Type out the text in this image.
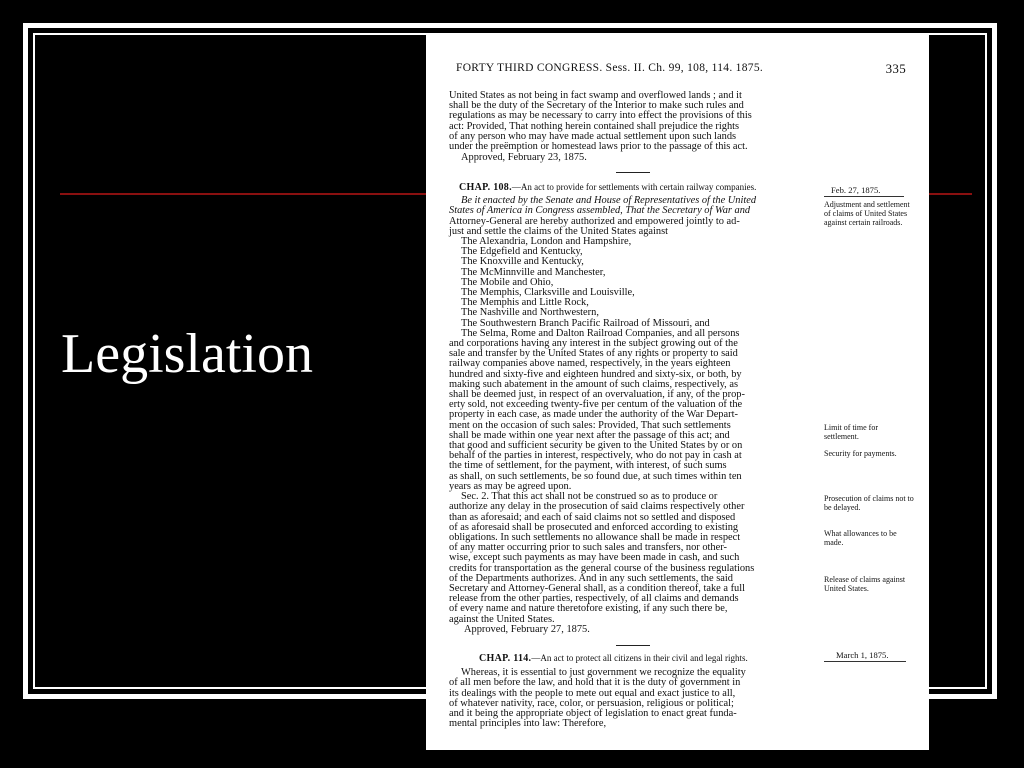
Legislation
FORTY THIRD CONGRESS. Sess. II. Ch. 99, 108, 114. 1875.	335
United States as not being in fact swamp and overflowed lands ; and it
shall be the duty of the Secretary of the Interior to make such rules and
regulations as may be necessary to carry into effect the provisions of this
act: Provided, That nothing herein contained shall prejudice the rights
of any person who may have made actual settlement upon such lands
under the preëmption or homestead laws prior to the passage of this act.
Approved, February 23, 1875.
CHAP. 108.—An act to provide for settlements with certain railway companies.
Be it enacted by the Senate and House of Representatives of the United
States of America in Congress assembled, That the Secretary of War and
Attorney-General are hereby authorized and empowered jointly to ad-
just and settle the claims of the United States against
The Alexandria, London and Hampshire,
The Edgefield and Kentucky,
The Knoxville and Kentucky,
The McMinnville and Manchester,
The Mobile and Ohio,
The Memphis, Clarksville and Louisville,
The Memphis and Little Rock,
The Nashville and Northwestern,
The Southwestern Branch Pacific Railroad of Missouri, and
The Selma, Rome and Dalton Railroad Companies, and all persons
and corporations having any interest in the subject growing out of the
sale and transfer by the United States of any rights or property to said
railway companies above named, respectively, in the years eighteen
hundred and sixty-five and eighteen hundred and sixty-six, or both, by
making such abatement in the amount of such claims, respectively, as
shall be deemed just, in respect of an overvaluation, if any, of the prop-
erty sold, not exceeding twenty-five per centum of the valuation of the
property in each case, as made under the authority of the War Depart-
ment on the occasion of such sales: Provided, That such settlements
shall be made within one year next after the passage of this act; and
that good and sufficient security be given to the United States by or on
behalf of the parties in interest, respectively, who do not pay in cash at
the time of settlement, for the payment, with interest, of such sums
as shall, on such settlements, be so found due, at such times within ten
years as may be agreed upon.
Sec. 2. That this act shall not be construed so as to produce or
authorize any delay in the prosecution of said claims respectively other
than as aforesaid; and each of said claims not so settled and disposed
of as aforesaid shall be prosecuted and enforced according to existing
obligations. In such settlements no allowance shall be made in respect
of any matter occurring prior to such sales and transfers, nor other-
wise, except such payments as may have been made in cash, and such
credits for transportation as the general course of the business regulations
of the Departments authorizes. And in any such settlements, the said
Secretary and Attorney-General shall, as a condition thereof, take a full
release from the other parties, respectively, of all claims and demands
of every name and nature theretofore existing, if any such there be,
against the United States.
Approved, February 27, 1875.
CHAP. 114.—An act to protect all citizens in their civil and legal rights.
Whereas, it is essential to just government we recognize the equality
of all men before the law, and hold that it is the duty of government in
its dealings with the people to mete out equal and exact justice to all,
of whatever nativity, race, color, or persuasion, religious or political;
and it being the appropriate object of legislation to enact great funda-
mental principles into law: Therefore,
Feb. 27, 1875.
Adjustment and settlement of claims of United States against certain railroads.
Limit of time for settlement.
Security for payments.
Prosecution of claims not to be delayed.
What allowances to be made.
Release of claims against United States.
March 1, 1875.
